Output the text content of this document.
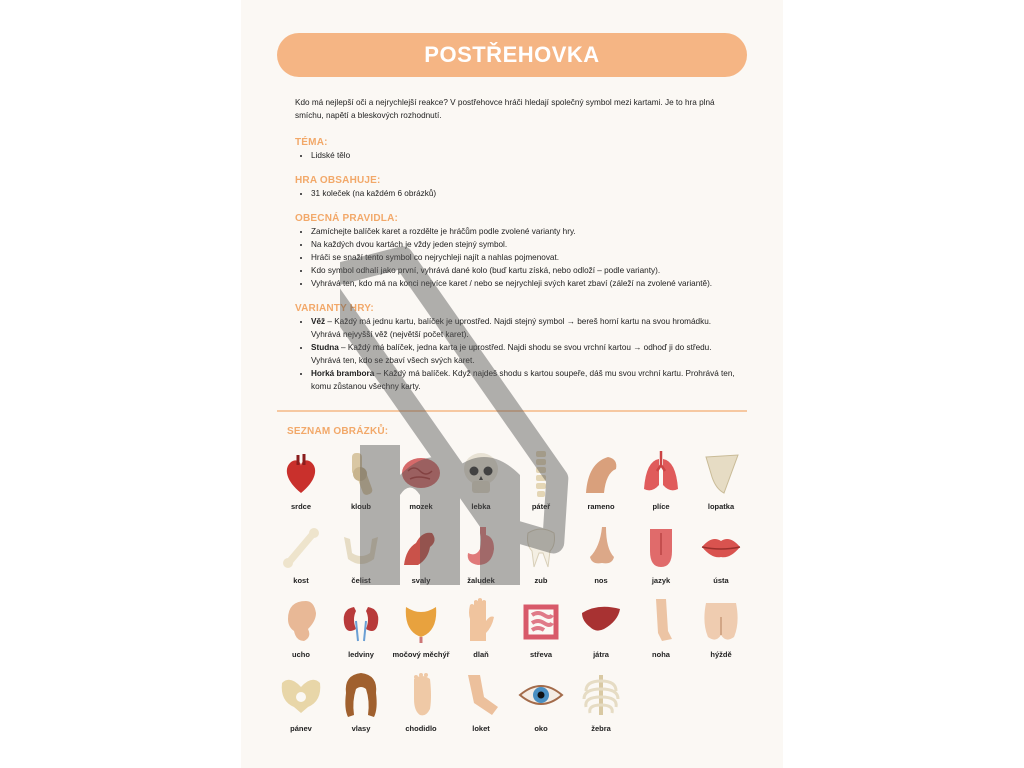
POSTŘEHOVKA

Kdo má nejlepší oči a nejrychlejší reakce? V postřehovce hráči hledají společný symbol mezi kartami. Je to hra plná smíchu, napětí a bleskových rozhodnutí.

TÉMA:

• Lidské tělo

HRA OBSAHUJE:

• 31 koleček (na každém 6 obrázků)

OBECNÁ PRAVIDLA:

• Zamíchejte balíček karet a rozdělte je hráčům podle zvolené varianty hry.
• Na každých dvou kartách je vždy jeden stejný symbol.
• Hráči se snaží tento symbol co nejrychleji najít a nahlas pojmenovat.
• Kdo symbol odhalí jako první, vyhrává dané kolo (buď kartu získá, nebo odloží – podle varianty).
• Vyhrává ten, kdo má na konci nejvíce karet / nebo se nejrychleji svých karet zbaví (záleží na zvolené variantě).

VARIANTY HRY:

• Věž – Každý má jednu kartu, balíček je uprostřed. Najdi stejný symbol → bereš horní kartu na svou hromádku. Vyhrává nejvyšší věž (největší počet karet).
• Studna – Každý má balíček, jedna karta je uprostřed. Najdi shodu se svou vrchní kartou → odhoď ji do středu. Vyhrává ten, kdo se zbaví všech svých karet.
• Horká brambora – Každý má balíček. Když najdeš shodu s kartou soupeře, dáš mu svou vrchní kartu. Prohrává ten, komu zůstanou všechny karty.
SEZNAM OBRÁZKŮ:
srdce	kloub	mozek	lebka	páteř	rameno	plíce	lopatka
kost	čelist	svaly	žaludek	zub	nos	jazyk	ústa
ucho	ledviny močový měchýř	dlaň	střeva	játra	noha	hýždě
pánev	vlasy	chodidlo	loket	oko	žebra
